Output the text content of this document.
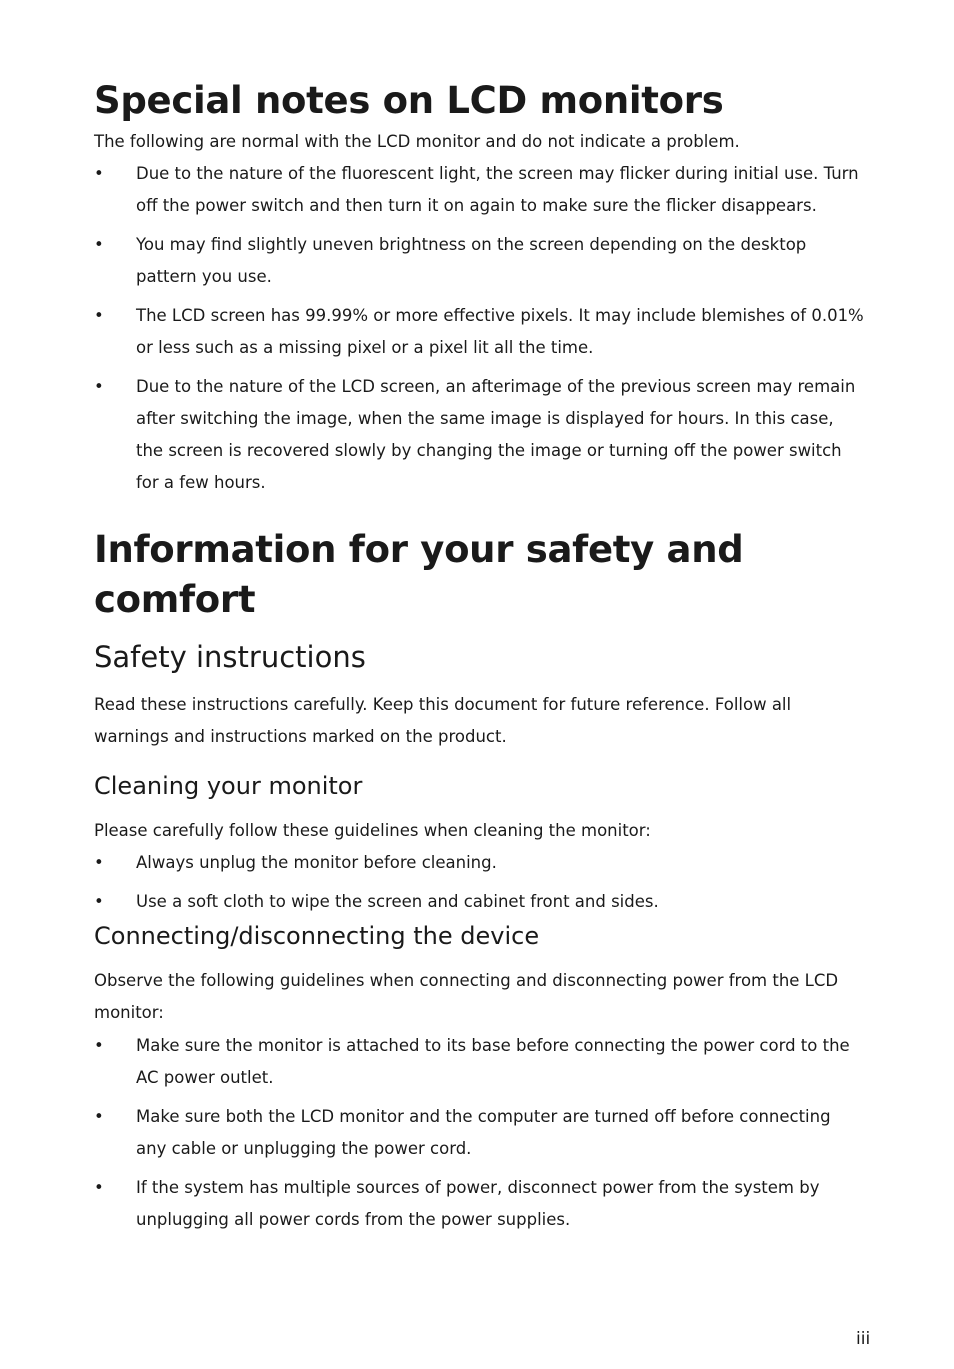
Special notes on LCD monitors

The following are normal with the LCD monitor and do not indicate a problem.

• Due to the nature of the fluorescent light, the screen may flicker during initial use. Turn off the power switch and then turn it on again to make sure the flicker disappears.
• You may find slightly uneven brightness on the screen depending on the desktop pattern you use.
• The LCD screen has 99.99% or more effective pixels. It may include blemishes of 0.01% or less such as a missing pixel or a pixel lit all the time.
• Due to the nature of the LCD screen, an afterimage of the previous screen may remain after switching the image, when the same image is displayed for hours. In this case, the screen is recovered slowly by changing the image or turning off the power switch for a few hours.
Information for your safety and comfort
Safety instructions

Read these instructions carefully. Keep this document for future reference. Follow all warnings and instructions marked on the product.

Cleaning your monitor

Please carefully follow these guidelines when cleaning the monitor:

• Always unplug the monitor before cleaning.
• Use a soft cloth to wipe the screen and cabinet front and sides.
Connecting/disconnecting the device

Observe the following guidelines when connecting and disconnecting power from the LCD monitor:

• Make sure the monitor is attached to its base before connecting the power cord to the AC power outlet.
• Make sure both the LCD monitor and the computer are turned off before connecting any cable or unplugging the power cord.
• If the system has multiple sources of power, disconnect power from the system by unplugging all power cords from the power supplies.
iii
